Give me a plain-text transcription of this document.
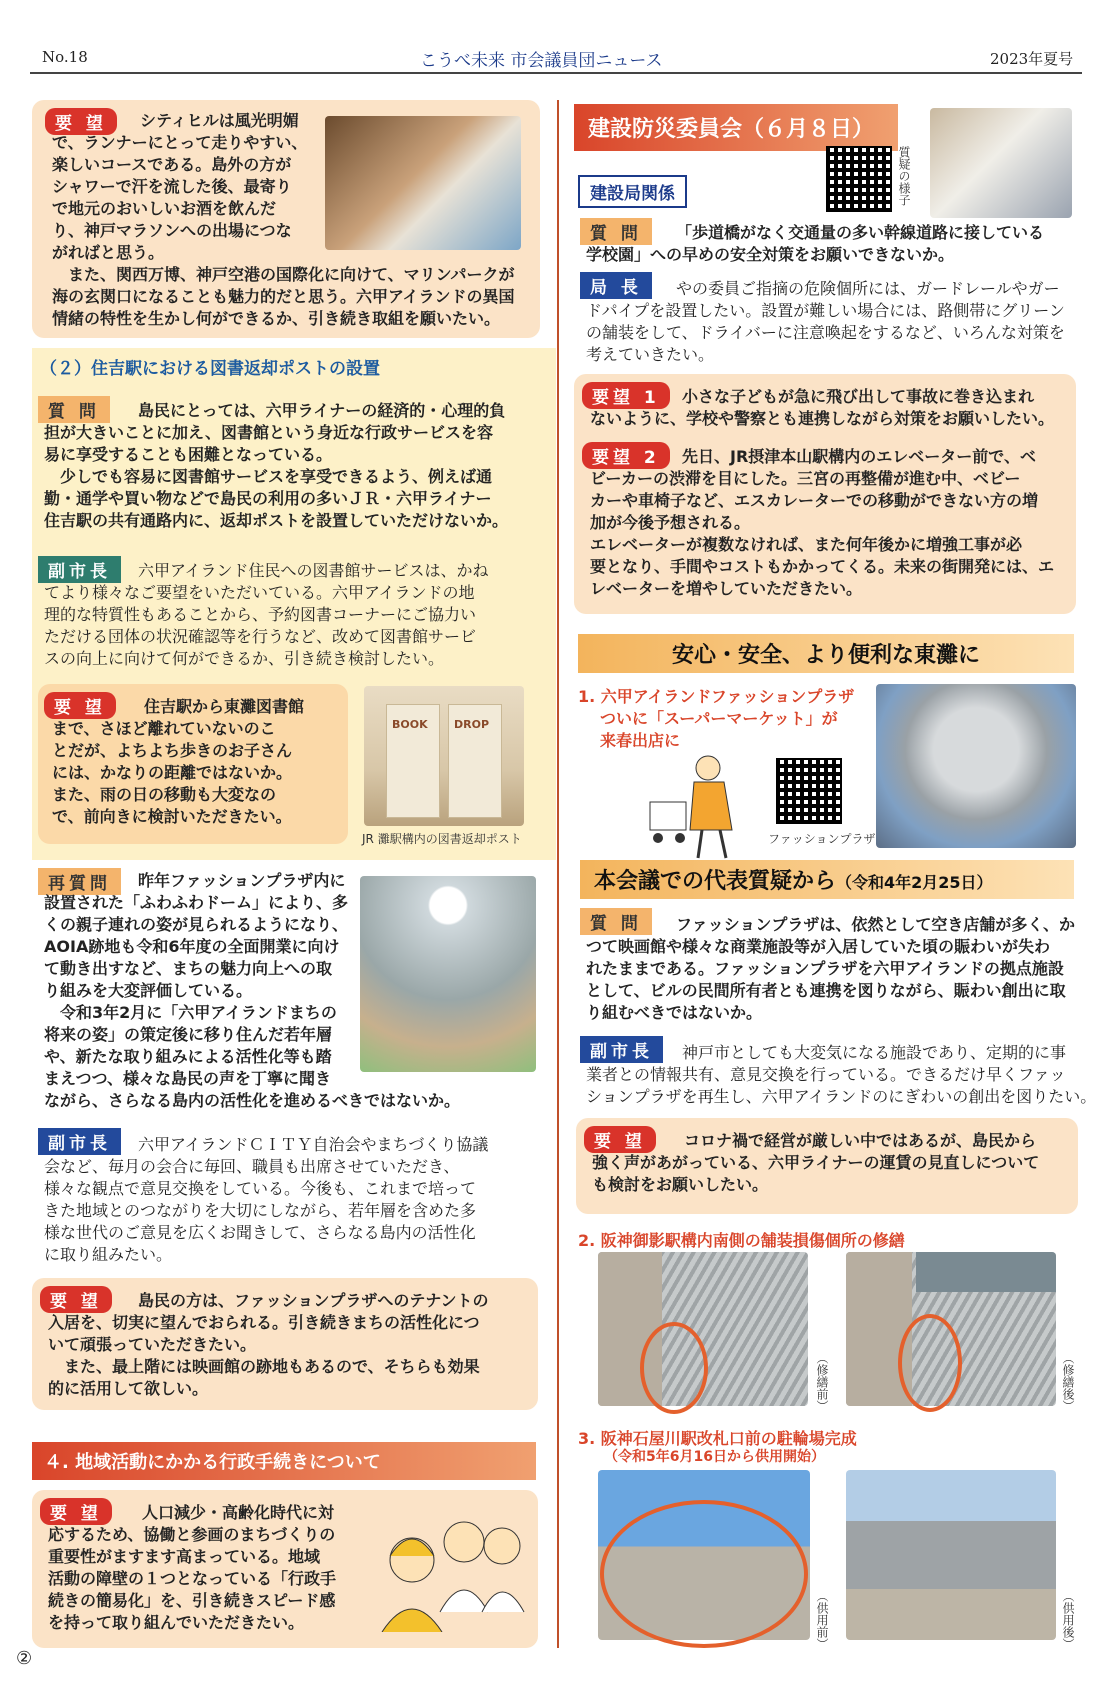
No.18	こうべ未来 市会議員団ニュース	2023年夏号
要 望	シティヒルは風光明媚
で、ランナーにとって走りやすい、
楽しいコースである。島外の方が
シャワーで汗を流した後、最寄り
で地元のおいしいお酒を飲んだ
り、神戸マラソンへの出場につな
がればと思う。
　また、関西万博、神戸空港の国際化に向けて、マリンパークが
海の玄関口になることも魅力的だと思う。六甲アイランドの異国
情緒の特性を生かし何ができるか、引き続き取組を願いたい。
（２）住吉駅における図書返却ポストの設置
質 問	島民にとっては、六甲ライナーの経済的・心理的負
担が大きいことに加え、図書館という身近な行政サービスを容
易に享受することも困難となっている。
　少しでも容易に図書館サービスを享受できるよう、例えば通
勤・通学や買い物などで島民の利用の多いＪＲ・六甲ライナー
住吉駅の共有通路内に、返却ポストを設置していただけないか。
副市長	六甲アイランド住民への図書館サービスは、かね
てより様々なご要望をいただいている。六甲アイランドの地
理的な特質性もあることから、予約図書コーナーにご協力い
ただける団体の状況確認等を行うなど、改めて図書館サービ
スの向上に向けて何ができるか、引き続き検討したい。
要 望	住吉駅から東灘図書館
まで、さほど離れていないのこ
とだが、よちよち歩きのお子さん
には、かなりの距離ではないか。
また、雨の日の移動も大変なの
で、前向きに検討いただきたい。
BOOK DROP
JR 灘駅構内の図書返却ポスト
再質問	昨年ファッションプラザ内に
設置された「ふわふわドーム」により、多
くの親子連れの姿が見られるようになり、
AOIA跡地も令和6年度の全面開業に向け
て動き出すなど、まちの魅力向上への取
り組みを大変評価している。
　令和3年2月に「六甲アイランドまちの
将来の姿」の策定後に移り住んだ若年層
や、新たな取り組みによる活性化等も踏
まえつつ、様々な島民の声を丁寧に聞き
ながら、さらなる島内の活性化を進めるべきではないか。
副市長	六甲アイランドＣＩＴＹ自治会やまちづくり協議
会など、毎月の会合に毎回、職員も出席させていただき、
様々な観点で意見交換をしている。今後も、これまで培って
きた地域とのつながりを大切にしながら、若年層を含めた多
様な世代のご意見を広くお聞きして、さらなる島内の活性化
に取り組みたい。
要 望	島民の方は、ファッションプラザへのテナントの
入居を、切実に望んでおられる。引き続きまちの活性化につ
いて頑張っていただきたい。
　また、最上階には映画館の跡地もあるので、そちらも効果
的に活用して欲しい。
４. 地域活動にかかる行政手続きについて
要 望	人口減少・高齢化時代に対
応するため、協働と参画のまちづくりの
重要性がますます高まっている。地域
活動の障壁の１つとなっている「行政手
続きの簡易化」を、引き続きスピード感
を持って取り組んでいただきたい。
②
建設防災委員会（６月８日）
質疑の様子
建設局関係
質 問	「歩道橋がなく交通量の多い幹線道路に接している
学校園」への早めの安全対策をお願いできないか。
局 長	やの委員ご指摘の危険個所には、ガードレールやガー
ドパイプを設置したい。設置が難しい場合には、路側帯にグリーン
の舗装をして、ドライバーに注意喚起をするなど、いろんな対策を
考えていきたい。
要望 1	小さな子どもが急に飛び出して事故に巻き込まれ
ないように、学校や警察とも連携しながら対策をお願いしたい。
要望 2	先日、JR摂津本山駅構内のエレベーター前で、ベ
ビーカーの渋滞を目にした。三宮の再整備が進む中、ベビー
カーや車椅子など、エスカレーターでの移動ができない方の増
加が今後予想される。
エレベーターが複数なければ、また何年後かに増強工事が必
要となり、手間やコストもかかってくる。未来の街開発には、エ
レベーターを増やしていただきたい。
安心・安全、より便利な東灘に
1. 六甲アイランドファッションプラザ
ついに「スーパーマーケット」が
来春出店に
ファッションプラザ
本会議での代表質疑から（令和4年2月25日）
質 問	ファッションプラザは、依然として空き店舗が多く、か
つて映画館や様々な商業施設等が入居していた頃の賑わいが失わ
れたままである。ファッションプラザを六甲アイランドの拠点施設
として、ビルの民間所有者とも連携を図りながら、賑わい創出に取
り組むべきではないか。
副市長	神戸市としても大変気になる施設であり、定期的に事
業者との情報共有、意見交換を行っている。できるだけ早くファッ
ションプラザを再生し、六甲アイランドのにぎわいの創出を図りたい。
要 望	コロナ禍で経営が厳しい中ではあるが、島民から
強く声があがっている、六甲ライナーの運賃の見直しについて
も検討をお願いしたい。
2. 阪神御影駅構内南側の舗装損傷個所の修繕
（修繕前）	（修繕後）
3. 阪神石屋川駅改札口前の駐輪場完成
（令和5年6月16日から供用開始）
（供用前）	（供用後）
